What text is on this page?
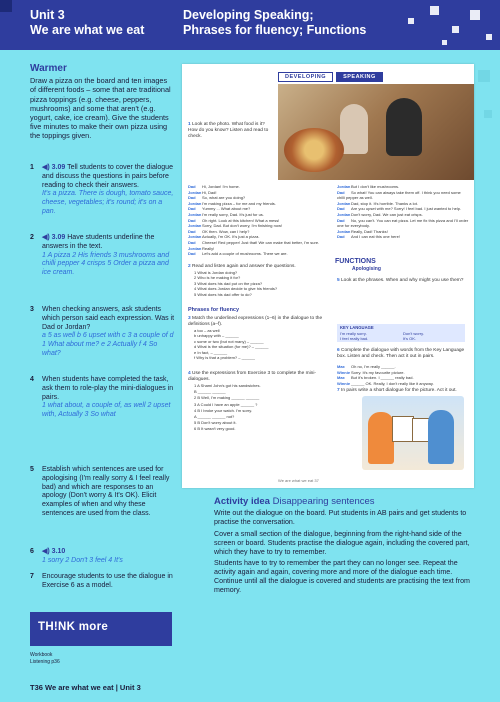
Unit 3
We are what we eat
Developing Speaking;
Phrases for fluency; Functions
Warmer
Draw a pizza on the board and ten images of different foods – some that are traditional pizza toppings (e.g. cheese, peppers, mushrooms) and some that aren't (e.g. yogurt, cake, ice cream). Give the students five minutes to make their own pizza using the toppings given.
1 ◀) 3.09 Tell students to cover the dialogue and discuss the questions in pairs before reading to check their answers.
It's a pizza. There is dough, tomato sauce, cheese, vegetables; it's round; it's on a pan.
2 ◀) 3.09 Have students underline the answers in the text.
1 A pizza 2 His friends 3 mushrooms and chilli pepper 4 crisps 5 Order a pizza and ice cream.
3 When checking answers, ask students which person said each expression. Was it Dad or Jordan?
a 5 as well b 6 upset with c 3 a couple of d 1 What about me? e 2 Actually f 4 So what?
4 When students have completed the task, ask them to role-play the mini-dialogues in pairs.
1 what about, a couple of, as well 2 upset with, Actually 3 So what
5 Establish which sentences are used for apologising (I'm really sorry & I feel really bad) and which are responses to an apology (Don't worry & It's OK). Elicit examples of when and why these sentences are used from the class.
6 ◀) 3.10
1 sorry 2 Don't 3 feel 4 It's
7 Encourage students to use the dialogue in Exercise 6 as a model.
DEVELOPING	SPEAKING
1 Look at the photo. What food is it? How do you know? Listen and read to check.
Dad Hi, Jordan! I'm home.
JordanHi, Dad!
Dad So, what are you doing?
JordanI'm making pizza – for me and my friends.
Dad Yummy ... What about me?
JordanI'm really sorry, Dad. It's just for us.
Dad Oh right. Look at this kitchen! What a mess!
JordanSorry, Dad. But don't worry, I'm finishing now!
Dad OK then. Wow, can I help?
JordanActually, I'm OK. It's just a pizza.
Dad Cheese! Red pepper! Just that! We can make that better, I'm sure.
JordanReally!
Dad Let's add a couple of mushrooms. There we are.
JordanBut I don't like mushrooms.
Dad So what! You can always take them off. I think you need some chilli pepper as well.
JordanDad, stop it. It's horrible. Thanks a lot.
Dad Are you upset with me? Sorry! I feel bad. I just wanted to help.
JordanDon't worry, Dad. We can just eat crisps.
Dad No, you can't. You can eat pizza. Let me fix this pizza and I'll order one for everybody.
JordanReally, Dad! Thanks!
Dad And I can eat this one here!
2 Read and listen again and answer the questions.
1 What is Jordan doing?
2 Who is he making it for?
3 What does his dad put on the pizza?
4 What does Jordan decide to give his friends?
5 What does his dad offer to do?
Phrases for fluency
3 Match the underlined expressions (1–6) in the dialogue to the definitions (a–f).
a too – as well
b unhappy with – ______
c some or two (but not many) – ______
d What is the situation (for me)? – ______
e In fact, – ______
f Why is that a problem? – ______
4 Use the expressions from Exercise 3 to complete the mini-dialogues.
1 A Shami John's got his sandwiches.
B ______ ______
2 B Well, I'm making ______ ______
3 A Could I have an apple ______ ?
4 B I broke your watch. I'm sorry.
A ______ ______ not?
5 B Don't worry about it.
6 B It wasn't very good.
FUNCTIONS
Apologising
5 Look at the phrases. When and why might you use them?
KEY LANGUAGE
I'm really sorry.	Don't worry.
I feel really bad.	It's OK.
6 Complete the dialogue with words from the Key Language box. Listen and check. Then act it out in pairs.
Max Oh no, I'm really ______.
WinnieSorry. It's my favourite picture.
Max But it's broken. I ______ really bad.
Winnie______ OK. Really, I don't really like it anyway.
7 In pairs write a short dialogue for the picture. Act it out.
We are what we eat 37
Activity idea Disappearing sentences

Write out the dialogue on the board. Put students in AB pairs and get students to practise the conversation.

Cover a small section of the dialogue, beginning from the right-hand side of the screen or board. Students practise the dialogue again, including the covered part, which they have to try to remember.

Students have to try to remember the part they can no longer see. Repeat the activity again and again, covering more and more of the dialogue each time. Continue until all the dialogue is covered and students are practising the text from memory.

TH!NK more
Workbook
Listening p36
T36 We are what we eat | Unit 3
